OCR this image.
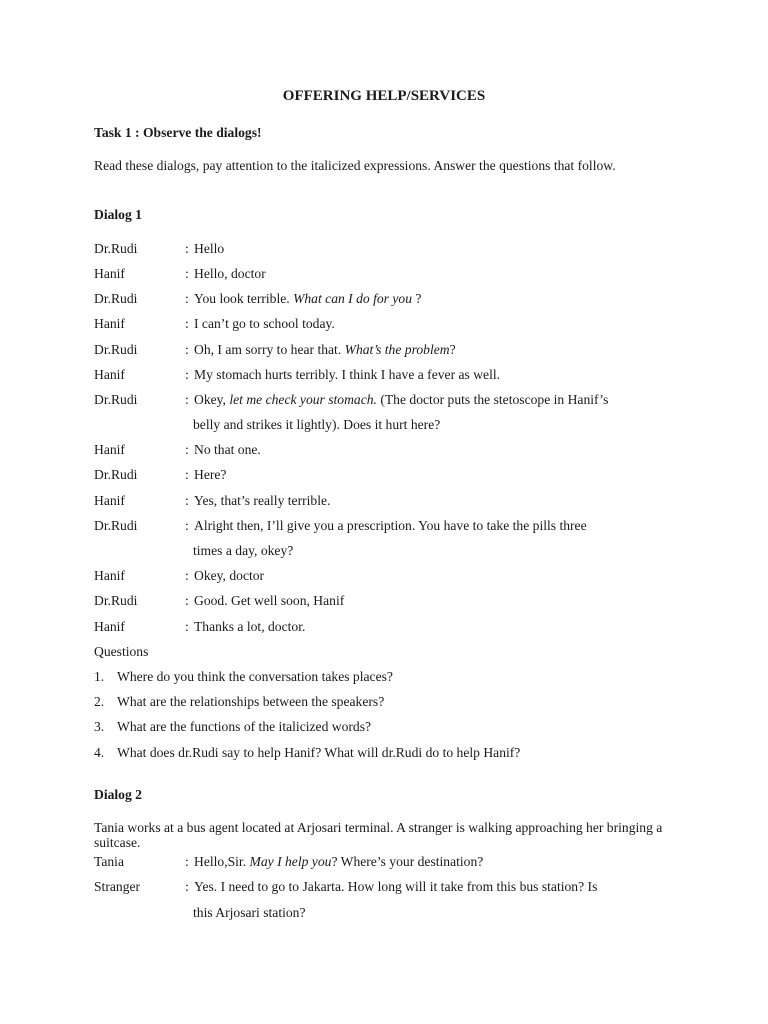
OFFERING HELP/SERVICES
Task 1 : Observe the dialogs!
Read these dialogs, pay attention to the italicized expressions. Answer the questions that follow.
Dialog 1
Dr.Rudi	: Hello
Hanif	: Hello, doctor
Dr.Rudi	: You look terrible. What can I do for you ?
Hanif	: I can’t go to school today.
Dr.Rudi	: Oh, I am sorry to hear that. What’s the problem?
Hanif	: My stomach hurts terribly. I think I have a fever as well.
Dr.Rudi	: Okey, let me check your stomach. (The doctor puts the stetoscope in Hanif’s
belly and strikes it lightly). Does it hurt here?
Hanif	: No that one.
Dr.Rudi	: Here?
Hanif	: Yes, that’s really terrible.
Dr.Rudi	: Alright then, I’ll give you a prescription. You have to take the pills three
times a day, okey?
Hanif	: Okey, doctor
Dr.Rudi	: Good. Get well soon, Hanif
Hanif	: Thanks a lot, doctor.
Questions
1. Where do you think the conversation takes places?
2. What are the relationships between the speakers?
3. What are the functions of the italicized words?
4. What does dr.Rudi say to help Hanif? What will dr.Rudi do to help Hanif?
Dialog 2
Tania works at a bus agent located at Arjosari terminal. A stranger is walking approaching her bringing a suitcase.
Tania	: Hello,Sir. May I help you? Where’s your destination?
Stranger	: Yes. I need to go to Jakarta. How long will it take from this bus station? Is
this Arjosari station?
